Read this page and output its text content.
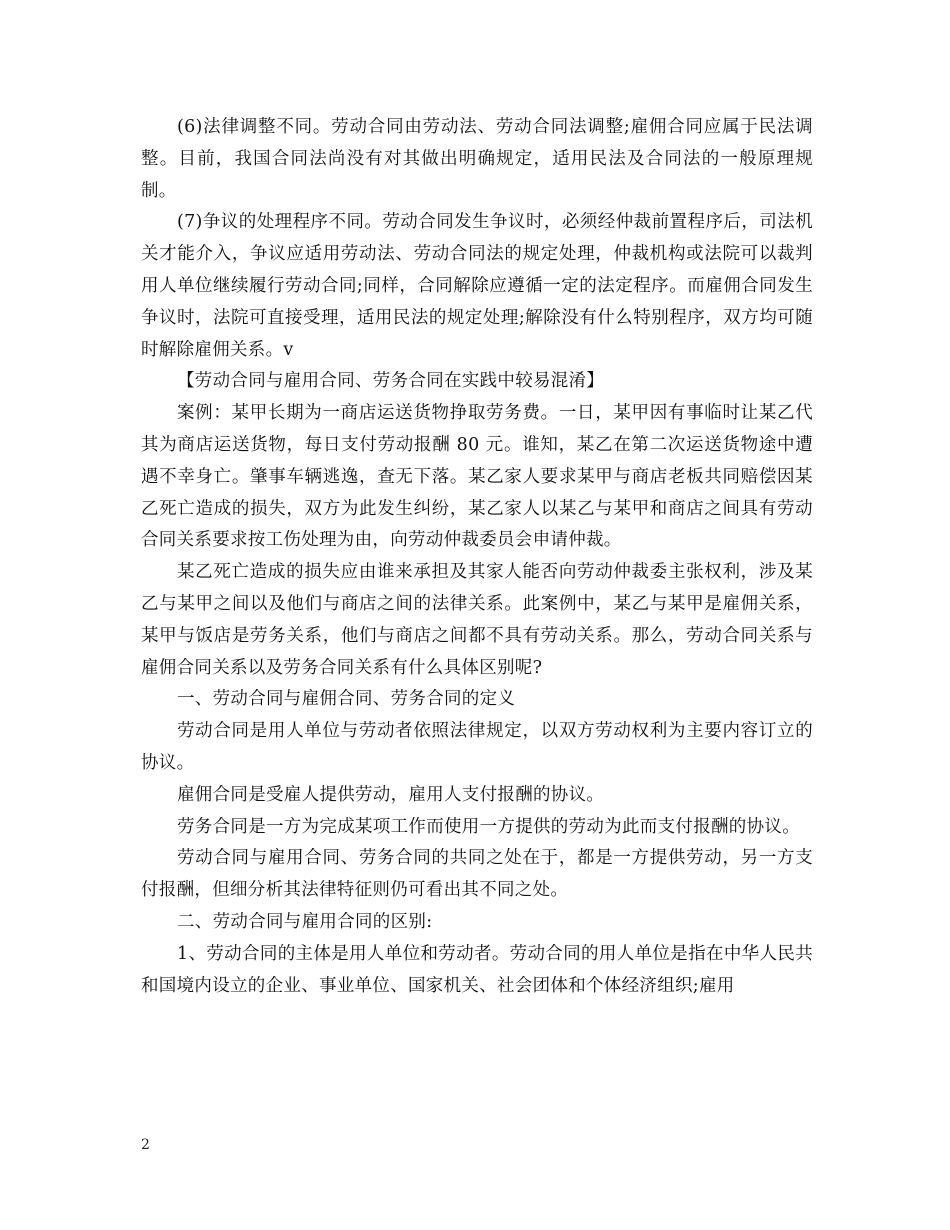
(6)法律调整不同。劳动合同由劳动法、劳动合同法调整;雇佣合同应属于民法调整。目前，我国合同法尚没有对其做出明确规定，适用民法及合同法的一般原理规制。

(7)争议的处理程序不同。劳动合同发生争议时，必须经仲裁前置程序后，司法机关才能介入，争议应适用劳动法、劳动合同法的规定处理，仲裁机构或法院可以裁判用人单位继续履行劳动合同;同样，合同解除应遵循一定的法定程序。而雇佣合同发生争议时，法院可直接受理，适用民法的规定处理;解除没有什么特别程序，双方均可随时解除雇佣关系。v

【劳动合同与雇用合同、劳务合同在实践中较易混淆】

案例：某甲长期为一商店运送货物挣取劳务费。一日，某甲因有事临时让某乙代其为商店运送货物，每日支付劳动报酬 80 元。谁知，某乙在第二次运送货物途中遭遇不幸身亡。肇事车辆逃逸，查无下落。某乙家人要求某甲与商店老板共同赔偿因某乙死亡造成的损失，双方为此发生纠纷，某乙家人以某乙与某甲和商店之间具有劳动合同关系要求按工伤处理为由，向劳动仲裁委员会申请仲裁。

某乙死亡造成的损失应由谁来承担及其家人能否向劳动仲裁委主张权利，涉及某乙与某甲之间以及他们与商店之间的法律关系。此案例中，某乙与某甲是雇佣关系，某甲与饭店是劳务关系，他们与商店之间都不具有劳动关系。那么，劳动合同关系与雇佣合同关系以及劳务合同关系有什么具体区别呢?

一、劳动合同与雇佣合同、劳务合同的定义

劳动合同是用人单位与劳动者依照法律规定，以双方劳动权利为主要内容订立的协议。

雇佣合同是受雇人提供劳动，雇用人支付报酬的协议。

劳务合同是一方为完成某项工作而使用一方提供的劳动为此而支付报酬的协议。

劳动合同与雇用合同、劳务合同的共同之处在于，都是一方提供劳动，另一方支付报酬，但细分析其法律特征则仍可看出其不同之处。

二、劳动合同与雇用合同的区别:

1、劳动合同的主体是用人单位和劳动者。劳动合同的用人单位是指在中华人民共和国境内设立的企业、事业单位、国家机关、社会团体和个体经济组织;雇用

2
